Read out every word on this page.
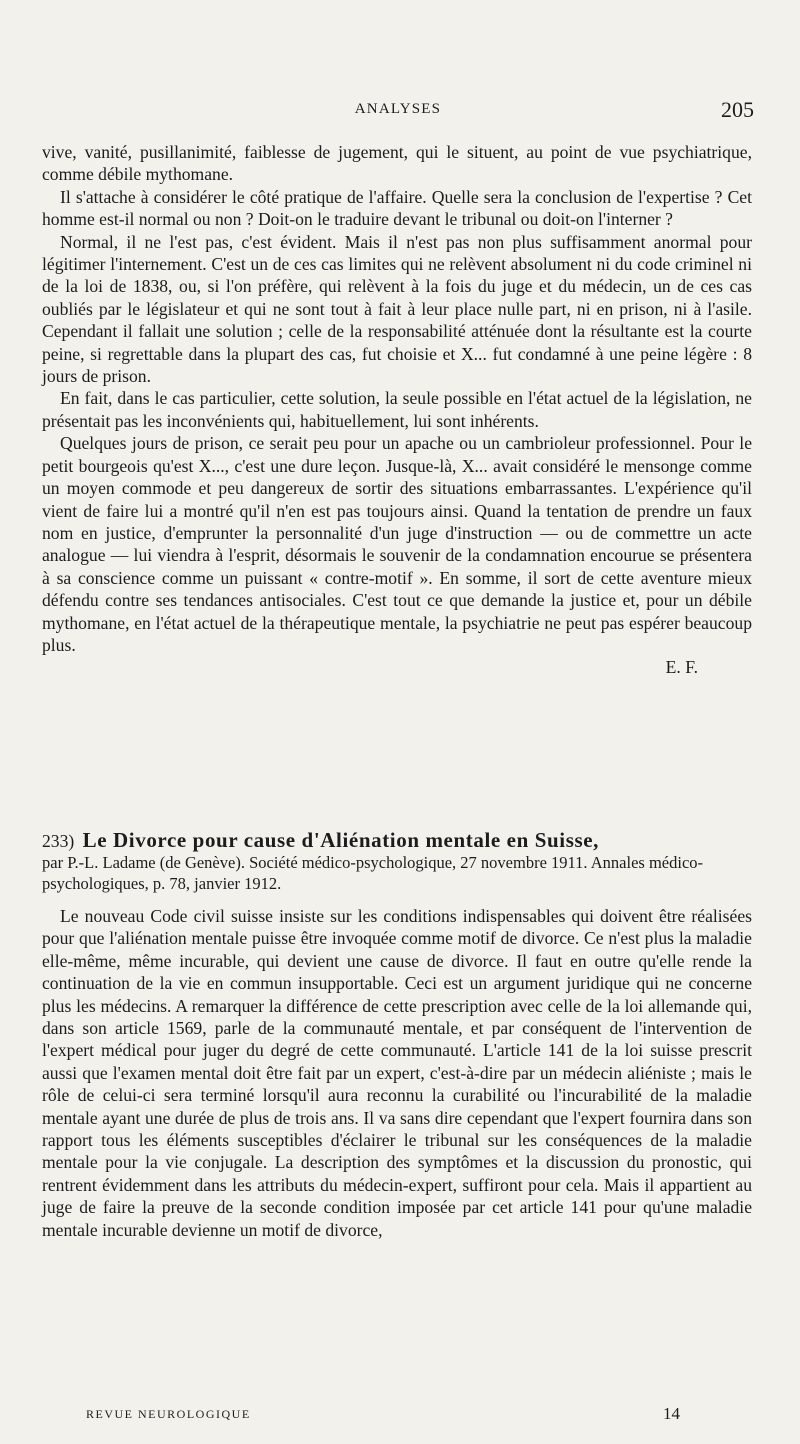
ANALYSES	205

vive, vanité, pusillanimité, faiblesse de jugement, qui le situent, au point de vue psychiatrique, comme débile mythomane.

Il s'attache à considérer le côté pratique de l'affaire. Quelle sera la conclusion de l'expertise ? Cet homme est-il normal ou non ? Doit-on le traduire devant le tribunal ou doit-on l'interner ?

Normal, il ne l'est pas, c'est évident. Mais il n'est pas non plus suffisamment anormal pour légitimer l'internement. C'est un de ces cas limites qui ne relèvent absolument ni du code criminel ni de la loi de 1838, ou, si l'on préfère, qui relèvent à la fois du juge et du médecin, un de ces cas oubliés par le législateur et qui ne sont tout à fait à leur place nulle part, ni en prison, ni à l'asile. Cependant il fallait une solution ; celle de la responsabilité atténuée dont la résultante est la courte peine, si regrettable dans la plupart des cas, fut choisie et X... fut condamné à une peine légère : 8 jours de prison.

En fait, dans le cas particulier, cette solution, la seule possible en l'état actuel de la législation, ne présentait pas les inconvénients qui, habituellement, lui sont inhérents.

Quelques jours de prison, ce serait peu pour un apache ou un cambrioleur professionnel. Pour le petit bourgeois qu'est X..., c'est une dure leçon. Jusque-là, X... avait considéré le mensonge comme un moyen commode et peu dangereux de sortir des situations embarrassantes. L'expérience qu'il vient de faire lui a montré qu'il n'en est pas toujours ainsi. Quand la tentation de prendre un faux nom en justice, d'emprunter la personnalité d'un juge d'instruction — ou de commettre un acte analogue — lui viendra à l'esprit, désormais le souvenir de la condamnation encourue se présentera à sa conscience comme un puissant « contre-motif ». En somme, il sort de cette aventure mieux défendu contre ses tendances antisociales. C'est tout ce que demande la justice et, pour un débile mythomane, en l'état actuel de la thérapeutique mentale, la psychiatrie ne peut pas espérer beaucoup plus.

E. F.
233) Le Divorce pour cause d'Aliénation mentale en Suisse,
par P.-L. Ladame (de Genève). Société médico-psychologique, 27 novembre 1911. Annales médico-psychologiques, p. 78, janvier 1912.

Le nouveau Code civil suisse insiste sur les conditions indispensables qui doivent être réalisées pour que l'aliénation mentale puisse être invoquée comme motif de divorce. Ce n'est plus la maladie elle-même, même incurable, qui devient une cause de divorce. Il faut en outre qu'elle rende la continuation de la vie en commun insupportable. Ceci est un argument juridique qui ne concerne plus les médecins. A remarquer la différence de cette prescription avec celle de la loi allemande qui, dans son article 1569, parle de la communauté mentale, et par conséquent de l'intervention de l'expert médical pour juger du degré de cette communauté. L'article 141 de la loi suisse prescrit aussi que l'examen mental doit être fait par un expert, c'est-à-dire par un médecin aliéniste ; mais le rôle de celui-ci sera terminé lorsqu'il aura reconnu la curabilité ou l'incurabilité de la maladie mentale ayant une durée de plus de trois ans. Il va sans dire cependant que l'expert fournira dans son rapport tous les éléments susceptibles d'éclairer le tribunal sur les conséquences de la maladie mentale pour la vie conjugale. La description des symptômes et la discussion du pronostic, qui rentrent évidemment dans les attributs du médecin-expert, suffiront pour cela. Mais il appartient au juge de faire la preuve de la seconde condition imposée par cet article 141 pour qu'une maladie mentale incurable devienne un motif de divorce,

REVUE NEUROLOGIQUE	14
